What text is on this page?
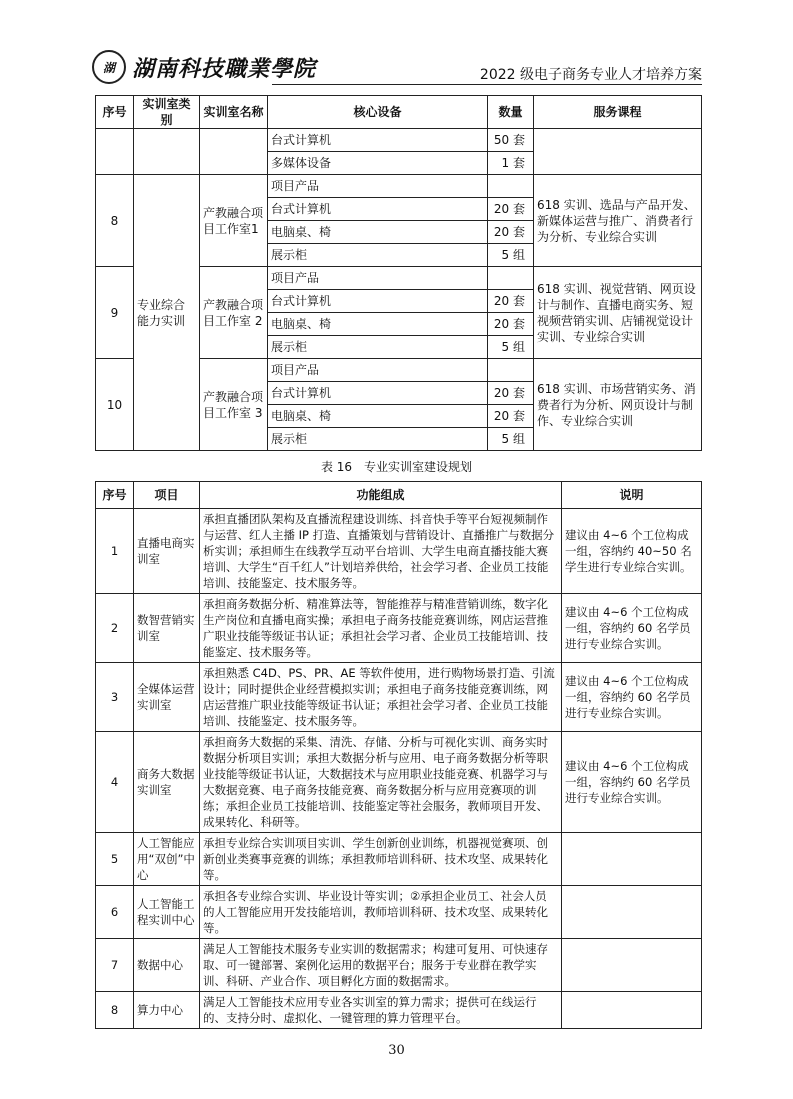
湖 湖南科技職業學院	2022 级电子商务专业人才培养方案
序号	实训室类别	实训室名称	核心设备	数量	服务课程
			台式计算机	50 套	
			多媒体设备	1 套	
8	专业综合能力实训	产教融合项目工作室1	项目产品		618 实训、选品与产品开发、新媒体运营与推广、消费者行为分析、专业综合实训
			台式计算机	20 套	
			电脑桌、椅	20 套	
			展示柜	5 组	
9		产教融合项目工作室 2	项目产品		618 实训、视觉营销、网页设计与制作、直播电商实务、短视频营销实训、店铺视觉设计实训、专业综合实训
			台式计算机	20 套	
			电脑桌、椅	20 套	
			展示柜	5 组	
10		产教融合项目工作室 3	项目产品		618 实训、市场营销实务、消费者行为分析、网页设计与制作、专业综合实训
			台式计算机	20 套	
			电脑桌、椅	20 套	
			展示柜	5 组	
表 16　专业实训室建设规划
序号	项目	功能组成	说明
1	直播电商实训室	承担直播团队架构及直播流程建设训练、抖音快手等平台短视频制作与运营、红人主播 IP 打造、直播策划与营销设计、直播推广与数据分析实训；承担师生在线教学互动平台培训、大学生电商直播技能大赛培训、大学生“百千红人”计划培养供给，社会学习者、企业员工技能培训、技能鉴定、技术服务等。	建议由 4~6 个工位构成一组，容纳约 40~50 名学生进行专业综合实训。
2	数智营销实训室	承担商务数据分析、精准算法等，智能推荐与精准营销训练，数字化生产岗位和直播电商实操；承担电子商务技能竞赛训练，网店运营推广职业技能等级证书认证；承担社会学习者、企业员工技能培训、技能鉴定、技术服务等。	建议由 4~6 个工位构成一组，容纳约 60 名学员进行专业综合实训。
3	全媒体运营实训室	承担熟悉 C4D、PS、PR、AE 等软件使用，进行购物场景打造、引流设计；同时提供企业经营模拟实训；承担电子商务技能竞赛训练，网店运营推广职业技能等级证书认证；承担社会学习者、企业员工技能培训、技能鉴定、技术服务等。	建议由 4~6 个工位构成一组，容纳约 60 名学员进行专业综合实训。
4	商务大数据实训室	承担商务大数据的采集、清洗、存储、分析与可视化实训、商务实时数据分析项目实训；承担大数据分析与应用、电子商务数据分析等职业技能等级证书认证，大数据技术与应用职业技能竞赛、机器学习与大数据竞赛、电子商务技能竞赛、商务数据分析与应用竞赛项的训练；承担企业员工技能培训、技能鉴定等社会服务，教师项目开发、成果转化、科研等。	建议由 4~6 个工位构成一组，容纳约 60 名学员进行专业综合实训。
5	人工智能应用“双创”中心	承担专业综合实训项目实训、学生创新创业训练，机器视觉赛项、创新创业类赛事竞赛的训练；承担教师培训科研、技术攻坚、成果转化等。	
6	人工智能工程实训中心	承担各专业综合实训、毕业设计等实训；②承担企业员工、社会人员的人工智能应用开发技能培训，教师培训科研、技术攻坚、成果转化等。	
7	数据中心	满足人工智能技术服务专业实训的数据需求；构建可复用、可快速存取、可一键部署、案例化运用的数据平台；服务于专业群在教学实训、科研、产业合作、项目孵化方面的数据需求。	
8	算力中心	满足人工智能技术应用专业各实训室的算力需求；提供可在线运行的、支持分时、虚拟化、一键管理的算力管理平台。	
30
